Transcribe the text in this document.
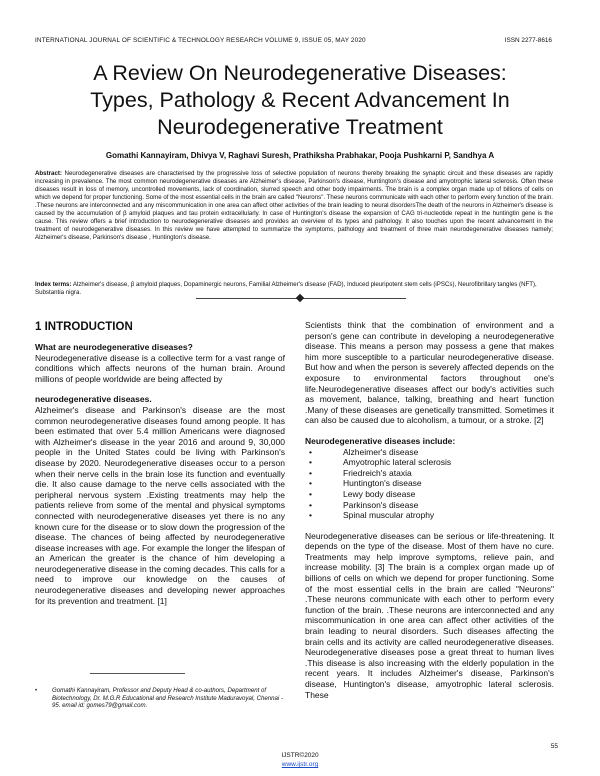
INTERNATIONAL JOURNAL OF SCIENTIFIC & TECHNOLOGY RESEARCH VOLUME 9, ISSUE 05, MAY 2020	ISSN 2277-8616
A Review On Neurodegenerative Diseases:
Types, Pathology & Recent Advancement In
Neurodegenerative Treatment
Gomathi Kannayiram, Dhivya V, Raghavi Suresh, Prathiksha Prabhakar, Pooja Pushkarni P, Sandhya A
Abstract: Neurodegenerative diseases are characterised by the progressive loss of selective population of neurons thereby breaking the synaptic circuit and these diseases are rapidly increasing in prevalence. The most common neurodegenerative diseases are Alzheimer's disease, Parkinson's disease, Huntington's disease and amyotrophic lateral sclerosis. Often these diseases result in loss of memory, uncontrolled movements, lack of coordination, slurred speech and other body impairments. The brain is a complex organ made up of billions of cells on which we depend for proper functioning. Some of the most essential cells in the brain are called "Neurons". These neurons communicate with each other to perform every function of the brain. .These neurons are interconnected and any miscommunication in one area can affect other activities of the brain leading to neural disordersThe death of the neurons in Alzheimer's disease is caused by the accumulation of β amyloid plaques and tau protein extracellularly. In case of Huntington's disease the expansion of CAG tri-nucleotide repeat in the huntingtin gene is the cause. This review offers a brief introduction to neurodegenerative diseases and provides an overview of its types and pathology. It also touches upon the recent advancement in the treatment of neurodegenerative diseases. In this review we have attempted to summarize the symptoms, pathology and treatment of three main neurodegenerative diseases namely; Alzheimer's disease, Parkinson's disease , Huntington's disease.
Index terms: Alzheimer's disease, β amyloid plaques, Dopaminergic neurons, Familial Alzheimer's disease (FAD), Induced pleuripotent stem cells (iPSCs), Neurofibrillary tangles (NFT), Substantia nigra.
1 INTRODUCTION

What are neurodegenerative diseases?

Neurodegenerative disease is a collective term for a vast range of conditions which affects neurons of the human brain. Around millions of people worldwide are being affected by

neurodegenerative diseases.

Alzheimer's disease and Parkinson's disease are the most common neurodegenerative diseases found among people. It has been estimated that over 5.4 million Americans were diagnosed with Alzheimer's disease in the year 2016 and around 9, 30,000 people in the United States could be living with Parkinson's disease by 2020. Neurodegenerative diseases occur to a person when their nerve cells in the brain lose its function and eventually die. It also cause damage to the nerve cells associated with the peripheral nervous system .Existing treatments may help the patients relieve from some of the mental and physical symptoms connected with neurodegenerative diseases yet there is no any known cure for the disease or to slow down the progression of the disease. The chances of being affected by neurodegenerative disease increases with age. For example the longer the lifespan of an American the greater is the chance of him developing a neurodegenerative disease in the coming decades. This calls for a need to improve our knowledge on the causes of neurodegenerative diseases and developing newer approaches for its prevention and treatment. [1]

Scientists think that the combination of environment and a person's gene can contribute in developing a neurodegenerative disease. This means a person may possess a gene that makes him more susceptible to a particular neurodegenerative disease. But how and when the person is severely affected depends on the exposure to environmental factors throughout one's life.Neurodegenerative diseases affect our body's activities such as movement, balance, talking, breathing and heart function .Many of these diseases are genetically transmitted. Sometimes it can also be caused due to alcoholism, a tumour, or a stroke. [2]

Neurodegenerative diseases include:

• Alzheimer's disease
• Amyotrophic lateral sclerosis
• Friedreich's ataxia
• Huntington's disease
• Lewy body disease
• Parkinson's disease
• Spinal muscular atrophy

Neurodegenerative diseases can be serious or life-threatening. It depends on the type of the disease. Most of them have no cure. Treatments may help improve symptoms, relieve pain, and increase mobility. [3] The brain is a complex organ made up of billions of cells on which we depend for proper functioning. Some of the most essential cells in the brain are called "Neurons" .These neurons communicate with each other to perform every function of the brain. .These neurons are interconnected and any miscommunication in one area can affect other activities of the brain leading to neural disorders. Such diseases affecting the brain cells and its activity are called neurodegenerative diseases. Neurodegenerative diseases pose a great threat to human lives .This disease is also increasing with the elderly population in the recent years. It includes Alzheimer's disease, Parkinson's disease, Huntington's disease, amyotrophic lateral sclerosis. These

• Gomathi Kannayiram, Professor and Deputy Head & co-authors, Department of Biotechnology, Dr. M.G.R Educational and Research Institute Maduravoyal, Chennai - 95. email id: gomes79@gmail.com.
55
IJSTR©2020
www.ijstr.org
